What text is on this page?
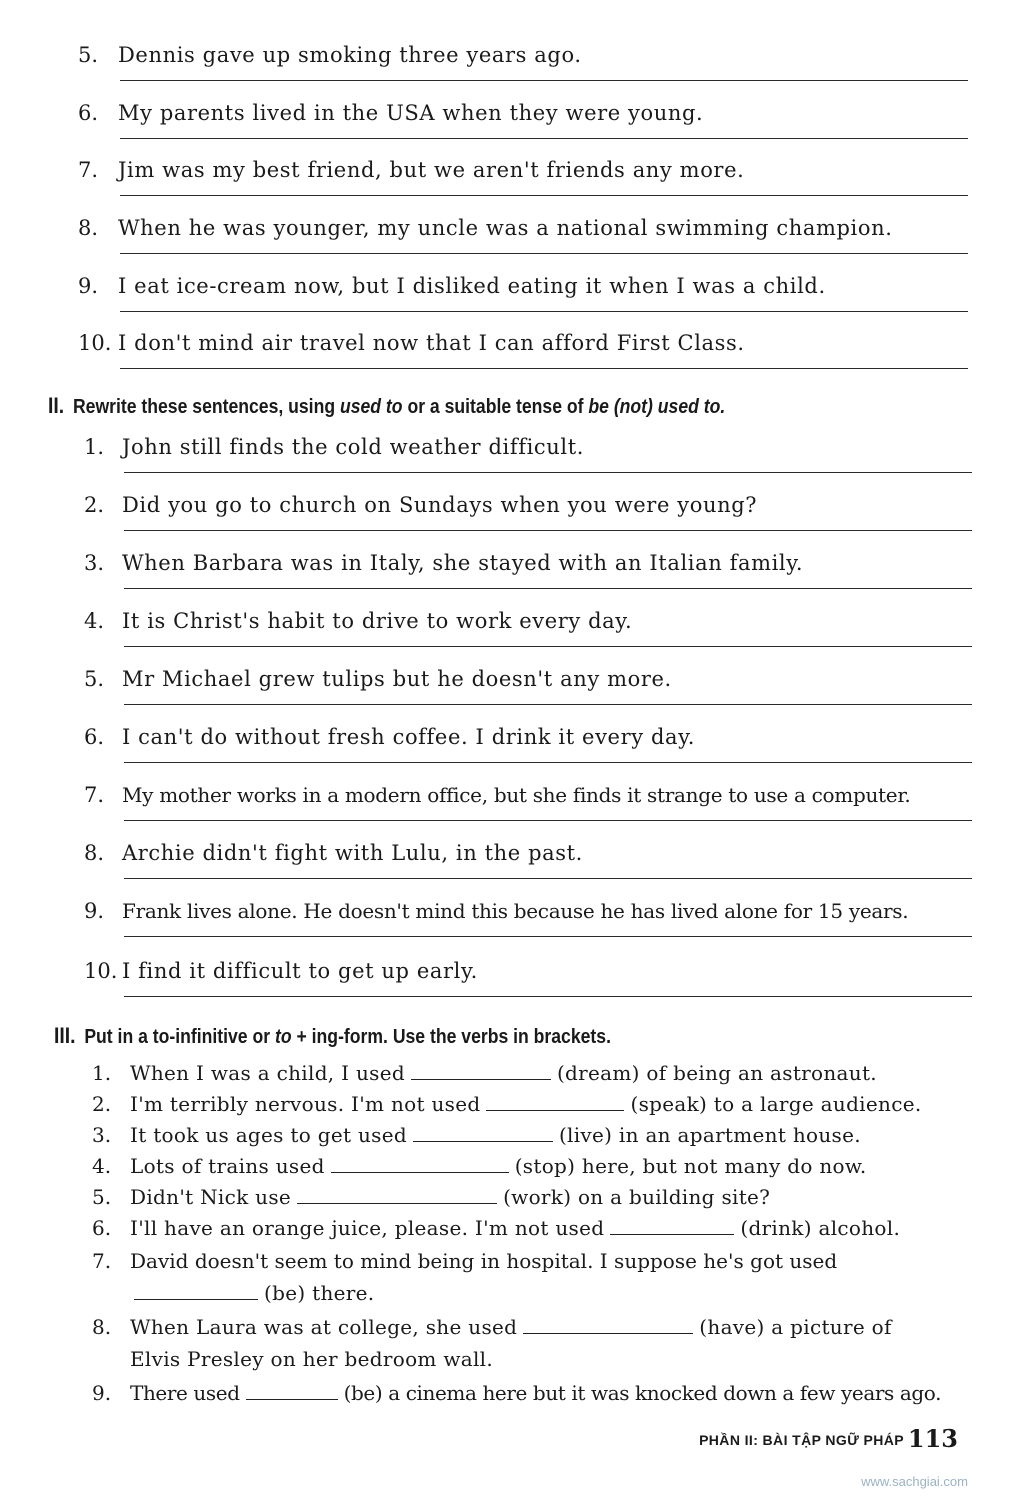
5. Dennis gave up smoking three years ago.
6. My parents lived in the USA when they were young.
7. Jim was my best friend, but we aren't friends any more.
8. When he was younger, my uncle was a national swimming champion.
9. I eat ice-cream now, but I disliked eating it when I was a child.
10. I don't mind air travel now that I can afford First Class.
II. Rewrite these sentences, using used to or a suitable tense of be (not) used to.
1. John still finds the cold weather difficult.
2. Did you go to church on Sundays when you were young?
3. When Barbara was in Italy, she stayed with an Italian family.
4. It is Christ's habit to drive to work every day.
5. Mr Michael grew tulips but he doesn't any more.
6. I can't do without fresh coffee. I drink it every day.
7. My mother works in a modern office, but she finds it strange to use a computer.
8. Archie didn't fight with Lulu, in the past.
9. Frank lives alone. He doesn't mind this because he has lived alone for 15 years.
10. I find it difficult to get up early.
III. Put in a to-infinitive or to + ing-form. Use the verbs in brackets.
1. When I was a child, I used	(dream) of being an astronaut.
2. I'm terribly nervous. I'm not used	(speak) to a large audience.
3. It took us ages to get used	(live) in an apartment house.
4. Lots of trains used	(stop) here, but not many do now.
5. Didn't Nick use	(work) on a building site?
6. I'll have an orange juice, please. I'm not used	(drink) alcohol.
7. David doesn't seem to mind being in hospital. I suppose he's got used
(be) there.
8. When Laura was at college, she used	(have) a picture of
Elvis Presley on her bedroom wall.
9. There used	(be) a cinema here but it was knocked down a few years ago.
PHẦN II: BÀI TẬP NGỮ PHÁP 113
www.sachgiai.com
